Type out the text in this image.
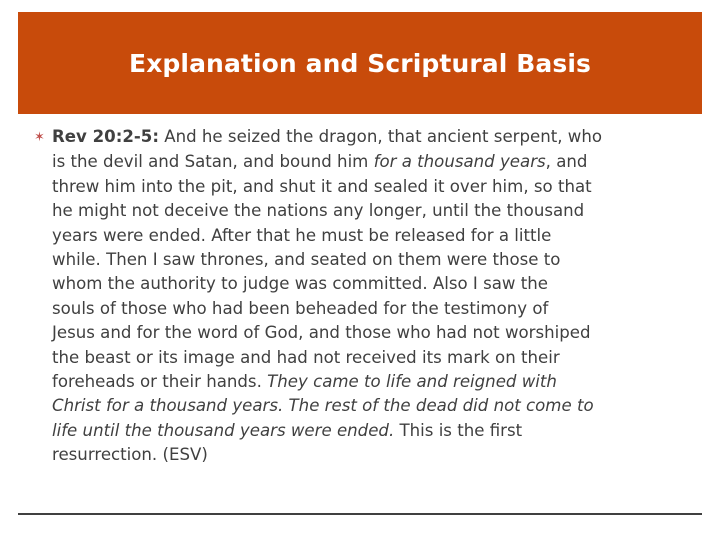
Explanation and Scriptural Basis
✶ Rev 20:2-5: And he seized the dragon, that ancient serpent, who
is the devil and Satan, and bound him for a thousand years, and
threw him into the pit, and shut it and sealed it over him, so that
he might not deceive the nations any longer, until the thousand
years were ended. After that he must be released for a little
while. Then I saw thrones, and seated on them were those to
whom the authority to judge was committed. Also I saw the
souls of those who had been beheaded for the testimony of
Jesus and for the word of God, and those who had not worshiped
the beast or its image and had not received its mark on their
foreheads or their hands. They came to life and reigned with
Christ for a thousand years. The rest of the dead did not come to
life until the thousand years were ended. This is the first
resurrection. (ESV)
